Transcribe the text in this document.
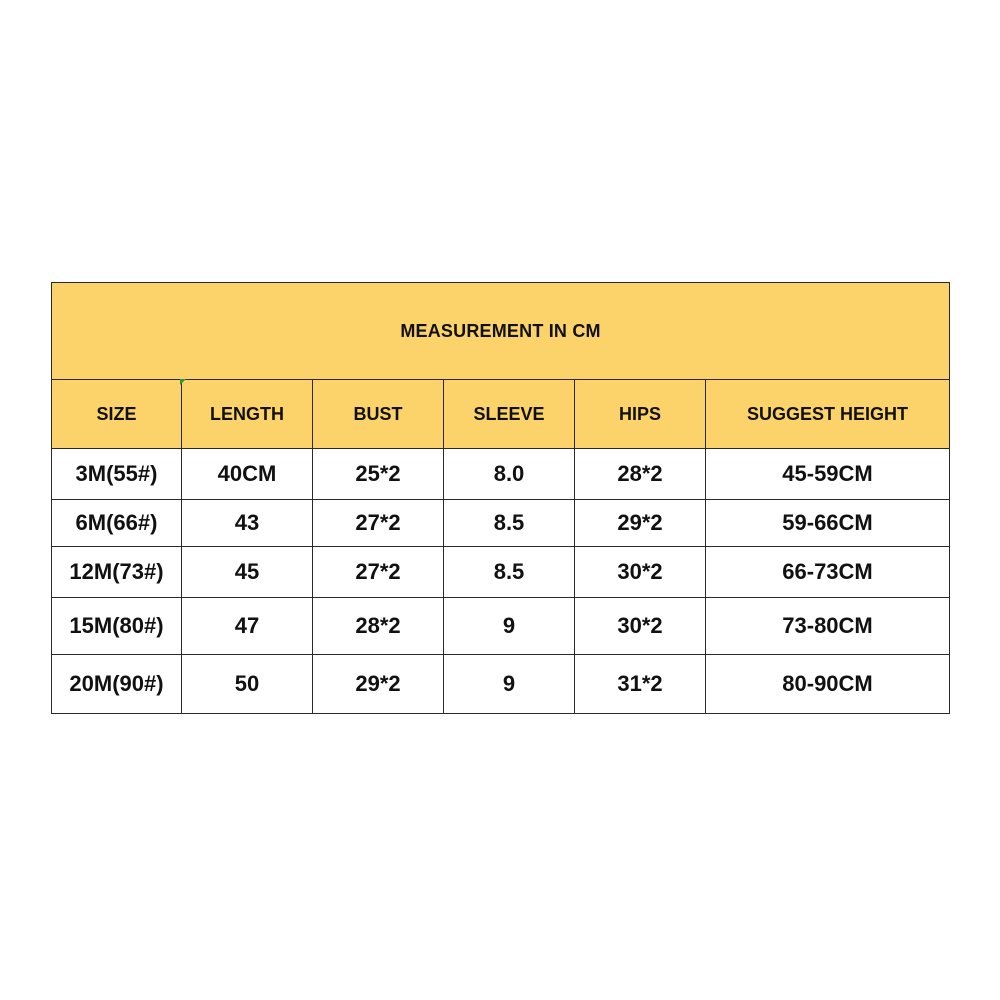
MEASUREMENT IN CM					
SIZE	LENGTH	BUST	SLEEVE	HIPS	SUGGEST HEIGHT
3M(55#)	40CM	25*2	8.0	28*2	45-59CM
6M(66#)	43	27*2	8.5	29*2	59-66CM
12M(73#)	45	27*2	8.5	30*2	66-73CM
15M(80#)	47	28*2	9	30*2	73-80CM
20M(90#)	50	29*2	9	31*2	80-90CM
